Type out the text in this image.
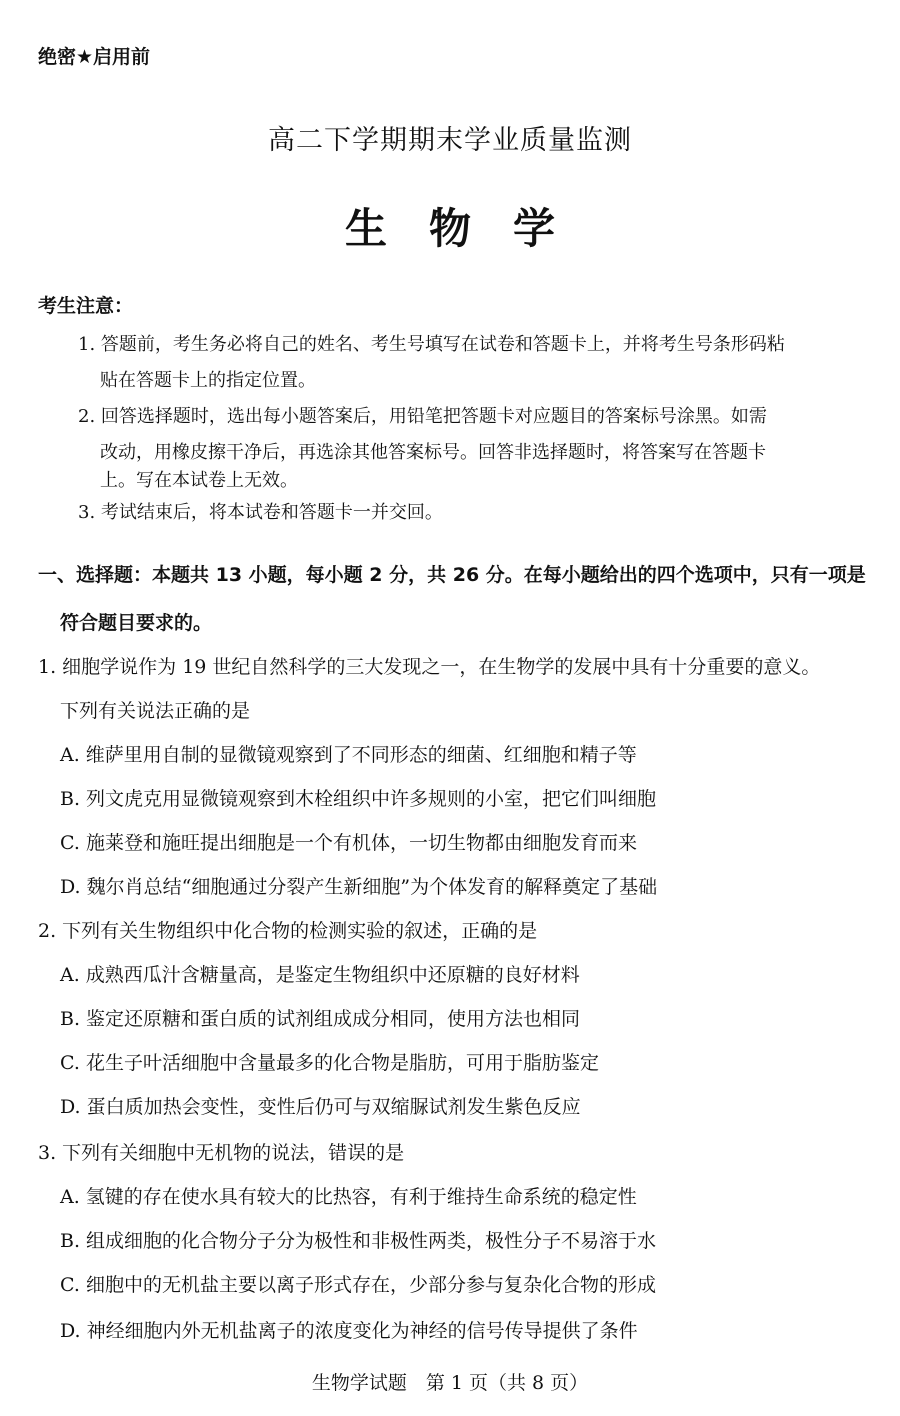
绝密★启用前
高二下学期期末学业质量监测
生物学
考生注意：
1. 答题前，考生务必将自己的姓名、考生号填写在试卷和答题卡上，并将考生号条形码粘
贴在答题卡上的指定位置。
2. 回答选择题时，选出每小题答案后，用铅笔把答题卡对应题目的答案标号涂黑。如需
改动，用橡皮擦干净后，再选涂其他答案标号。回答非选择题时，将答案写在答题卡
上。写在本试卷上无效。
3. 考试结束后，将本试卷和答题卡一并交回。
一、选择题：本题共 13 小题，每小题 2 分，共 26 分。在每小题给出的四个选项中，只有一项是
符合题目要求的。
1. 细胞学说作为 19 世纪自然科学的三大发现之一，在生物学的发展中具有十分重要的意义。
下列有关说法正确的是
A. 维萨里用自制的显微镜观察到了不同形态的细菌、红细胞和精子等
B. 列文虎克用显微镜观察到木栓组织中许多规则的小室，把它们叫细胞
C. 施莱登和施旺提出细胞是一个有机体，一切生物都由细胞发育而来
D. 魏尔肖总结“细胞通过分裂产生新细胞”为个体发育的解释奠定了基础
2. 下列有关生物组织中化合物的检测实验的叙述，正确的是
A. 成熟西瓜汁含糖量高，是鉴定生物组织中还原糖的良好材料
B. 鉴定还原糖和蛋白质的试剂组成成分相同，使用方法也相同
C. 花生子叶活细胞中含量最多的化合物是脂肪，可用于脂肪鉴定
D. 蛋白质加热会变性，变性后仍可与双缩脲试剂发生紫色反应
3. 下列有关细胞中无机物的说法，错误的是
A. 氢键的存在使水具有较大的比热容，有利于维持生命系统的稳定性
B. 组成细胞的化合物分子分为极性和非极性两类，极性分子不易溶于水
C. 细胞中的无机盐主要以离子形式存在，少部分参与复杂化合物的形成
D. 神经细胞内外无机盐离子的浓度变化为神经的信号传导提供了条件
生物学试题　第 1 页（共 8 页）
